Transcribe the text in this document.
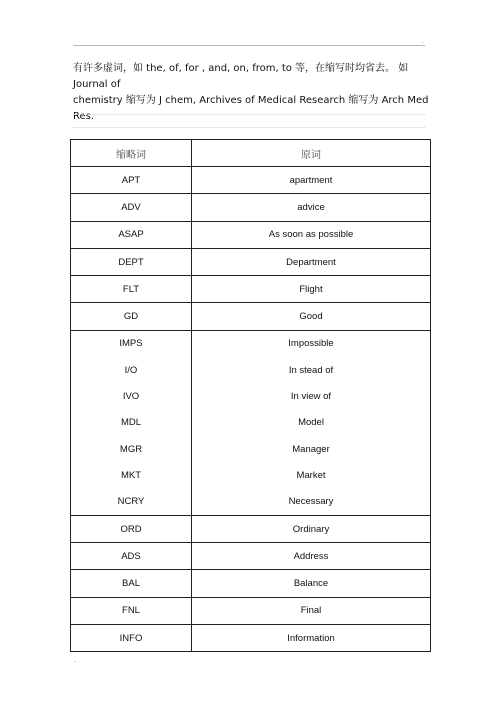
.

有许多虚词，如 the, of, for , and, on, from, to 等，在缩写时均省去。 如 Journal of
chemistry 缩写为 J chem, Archives of Medical Research 缩写为 Arch Med Res.

缩略词	原词
APT	apartment
ADV	advice
ASAP	As soon as possible
DEPT	Department
FLT	Flight
GD	Good
IMPS	Impossible
I/O	In stead of
IVO	In view of
MDL	Model
MGR	Manager
MKT	Market
NCRY	Necessary
ORD	Ordinary
ADS	Address
BAL	Balance
FNL	Final
INFO	Information
.
